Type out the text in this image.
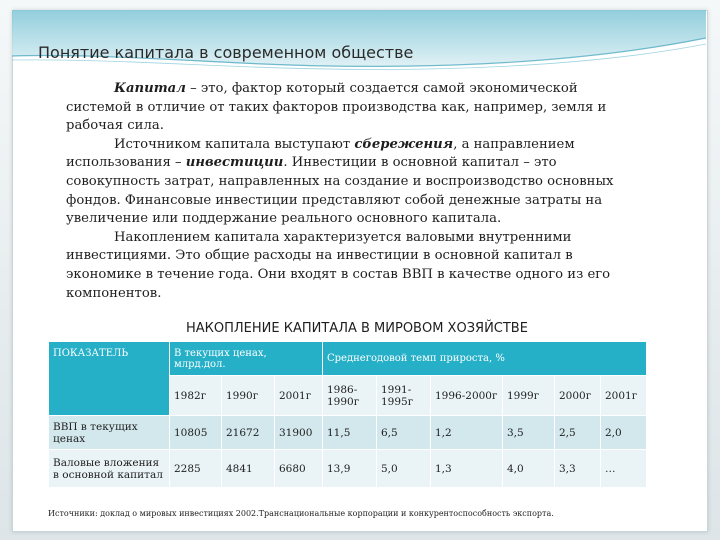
Понятие капитала в современном обществе

Капитал – это, фактор который создается самой экономической системой в отличие от таких факторов производства как, например, земля и рабочая сила.

Источником капитала выступают сбережения, а направлением использования – инвестиции. Инвестиции в основной капитал – это совокупность затрат, направленных на создание и воспроизводство основных фондов. Финансовые инвестиции представляют собой денежные затраты на увеличение или поддержание реального основного капитала.

Накоплением капитала характеризуется валовыми внутренними инвестициями. Это общие расходы на инвестиции в основной капитал в экономике в течение года. Они входят в состав ВВП в качестве одного из его компонентов.

НАКОПЛЕНИЕ КАПИТАЛА В МИРОВОМ ХОЗЯЙСТВЕ
ПОКАЗАТЕЛЬ	В текущих ценах, млрд.дол.			Среднегодовой темп прироста, %					
	1982г	1990г	2001г	1986-1990г	1991-1995г	1996-2000г	1999г	2000г	2001г
ВВП в текущих ценах	10805	21672	31900	11,5	6,5	1,2	3,5	2,5	2,0
Валовые вложения в основной капитал	2285	4841	6680	13,9	5,0	1,3	4,0	3,3	…
Источники: доклад о мировых инвестициях 2002.Транснациональные корпорации и конкурентоспособность экспорта.
